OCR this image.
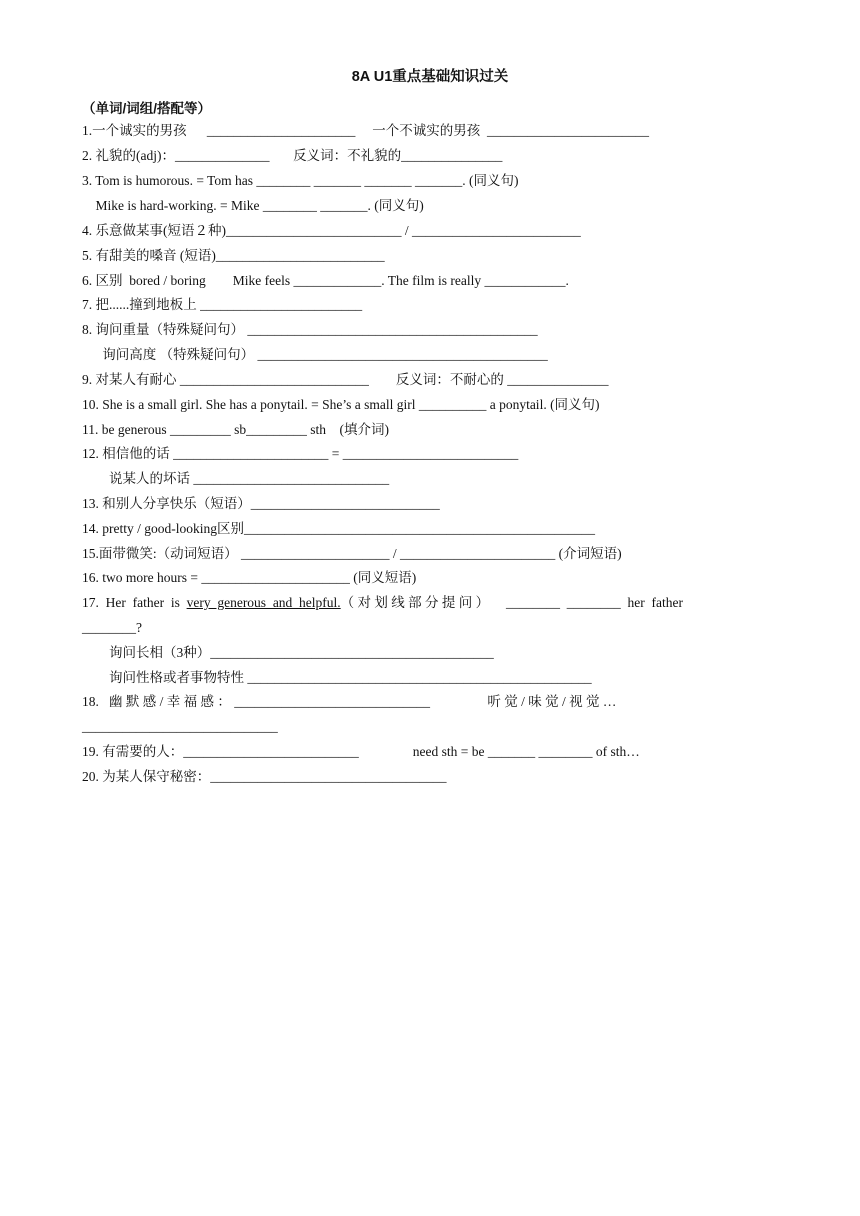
8A U1重点基础知识过关
（单词/词组/搭配等）
1.一个诚实的男孩      ______________________     一个不诚实的男孩  ________________________
2. 礼貌的(adj)：______________       反义词：不礼貌的_______________
3. Tom is humorous. = Tom has ________ _______ _______ _______. (同义句)
Mike is hard-working. = Mike ________ _______. (同义句)
4. 乐意做某事(短语２种)__________________________ / _________________________
5. 有甜美的嗓音 (短语)_________________________
6. 区别  bored / boring        Mike feels _____________. The film is really ____________.
7. 把......撞到地板上 ________________________
8. 询问重量（特殊疑问句） ___________________________________________
询问高度 （特殊疑问句） ___________________________________________
9. 对某人有耐心 ____________________________        反义词：不耐心的 _______________
10. She is a small girl. She has a ponytail. = She’s a small girl __________ a ponytail. (同义句)
11. be generous _________ sb_________ sth    (填介词)
12. 相信他的话 _______________________ = __________________________
说某人的坏话 _____________________________
13. 和别人分享快乐（短语）____________________________
14. pretty / good-looking区别____________________________________________________
15.面带微笑:（动词短语） ______________________ / _______________________ (介词短语)
16. two more hours = ______________________ (同义短语)
17.  Her  father  is  very  generous  and  helpful.（ 对 划 线 部 分 提 问 ）     ________  ________  her  father
________?
询问长相（3种）__________________________________________
询问性格或者事物特性 ___________________________________________________
18.   幽 默 感 / 幸 福 感 ： _____________________________                 听 觉 / 味 觉 / 视 觉 …
_____________________________
19. 有需要的人：__________________________                need sth = be _______ ________ of sth…
20. 为某人保守秘密：___________________________________
